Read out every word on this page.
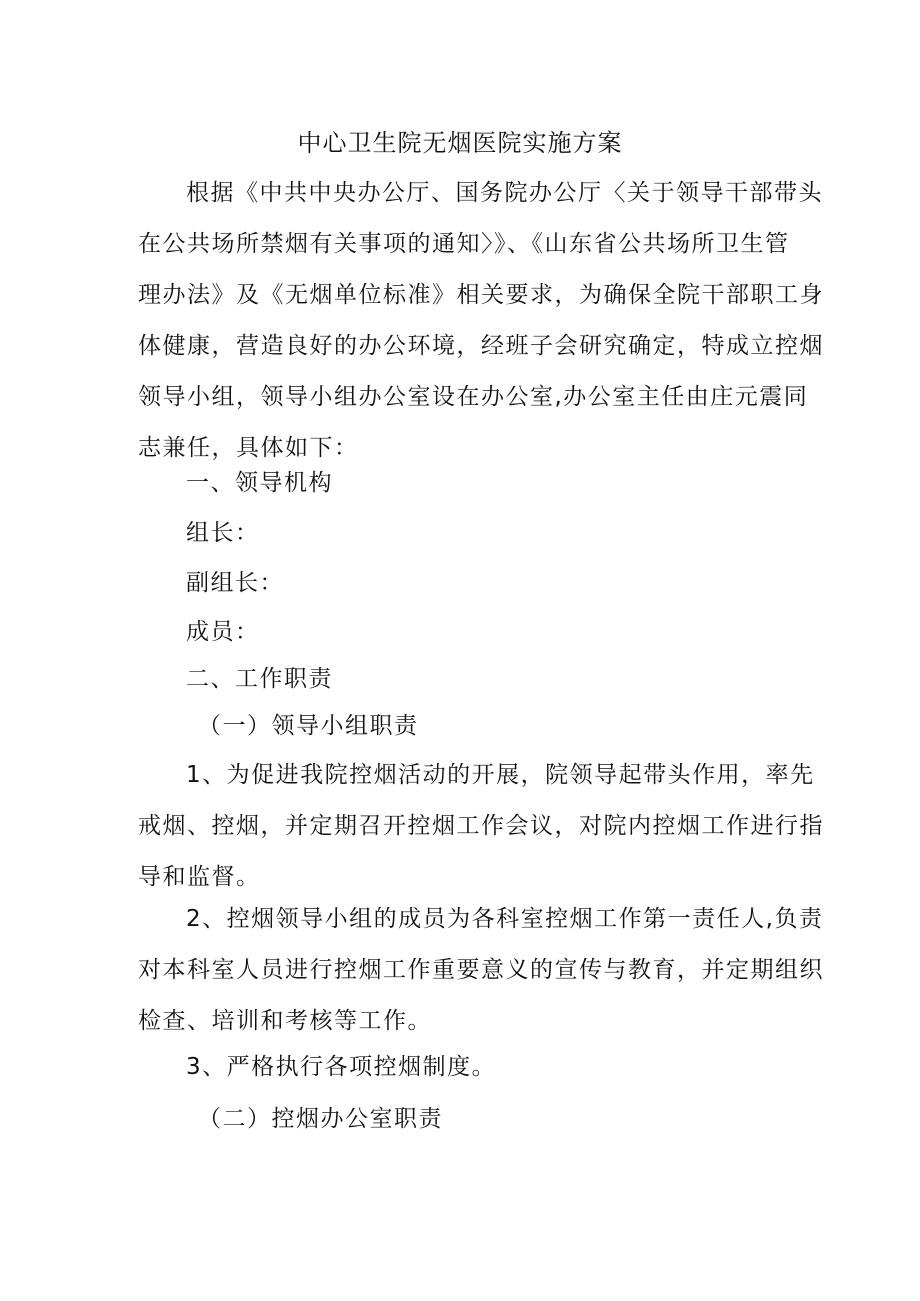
中心卫生院无烟医院实施方案
根据《中共中央办公厅、国务院办公厅〈关于领导干部带头
在公共场所禁烟有关事项的通知〉》、《山东省公共场所卫生管
理办法》及《无烟单位标准》相关要求，为确保全院干部职工身
体健康，营造良好的办公环境，经班子会研究确定，特成立控烟
领导小组，领导小组办公室设在办公室,办公室主任由庄元震同
志兼任，具体如下：
一、领导机构
组长：
副组长：
成员：
二、工作职责
（一）领导小组职责
1、为促进我院控烟活动的开展，院领导起带头作用，率先
戒烟、控烟，并定期召开控烟工作会议，对院内控烟工作进行指
导和监督。
2、控烟领导小组的成员为各科室控烟工作第一责任人,负责
对本科室人员进行控烟工作重要意义的宣传与教育，并定期组织
检查、培训和考核等工作。
3、严格执行各项控烟制度。
（二）控烟办公室职责
